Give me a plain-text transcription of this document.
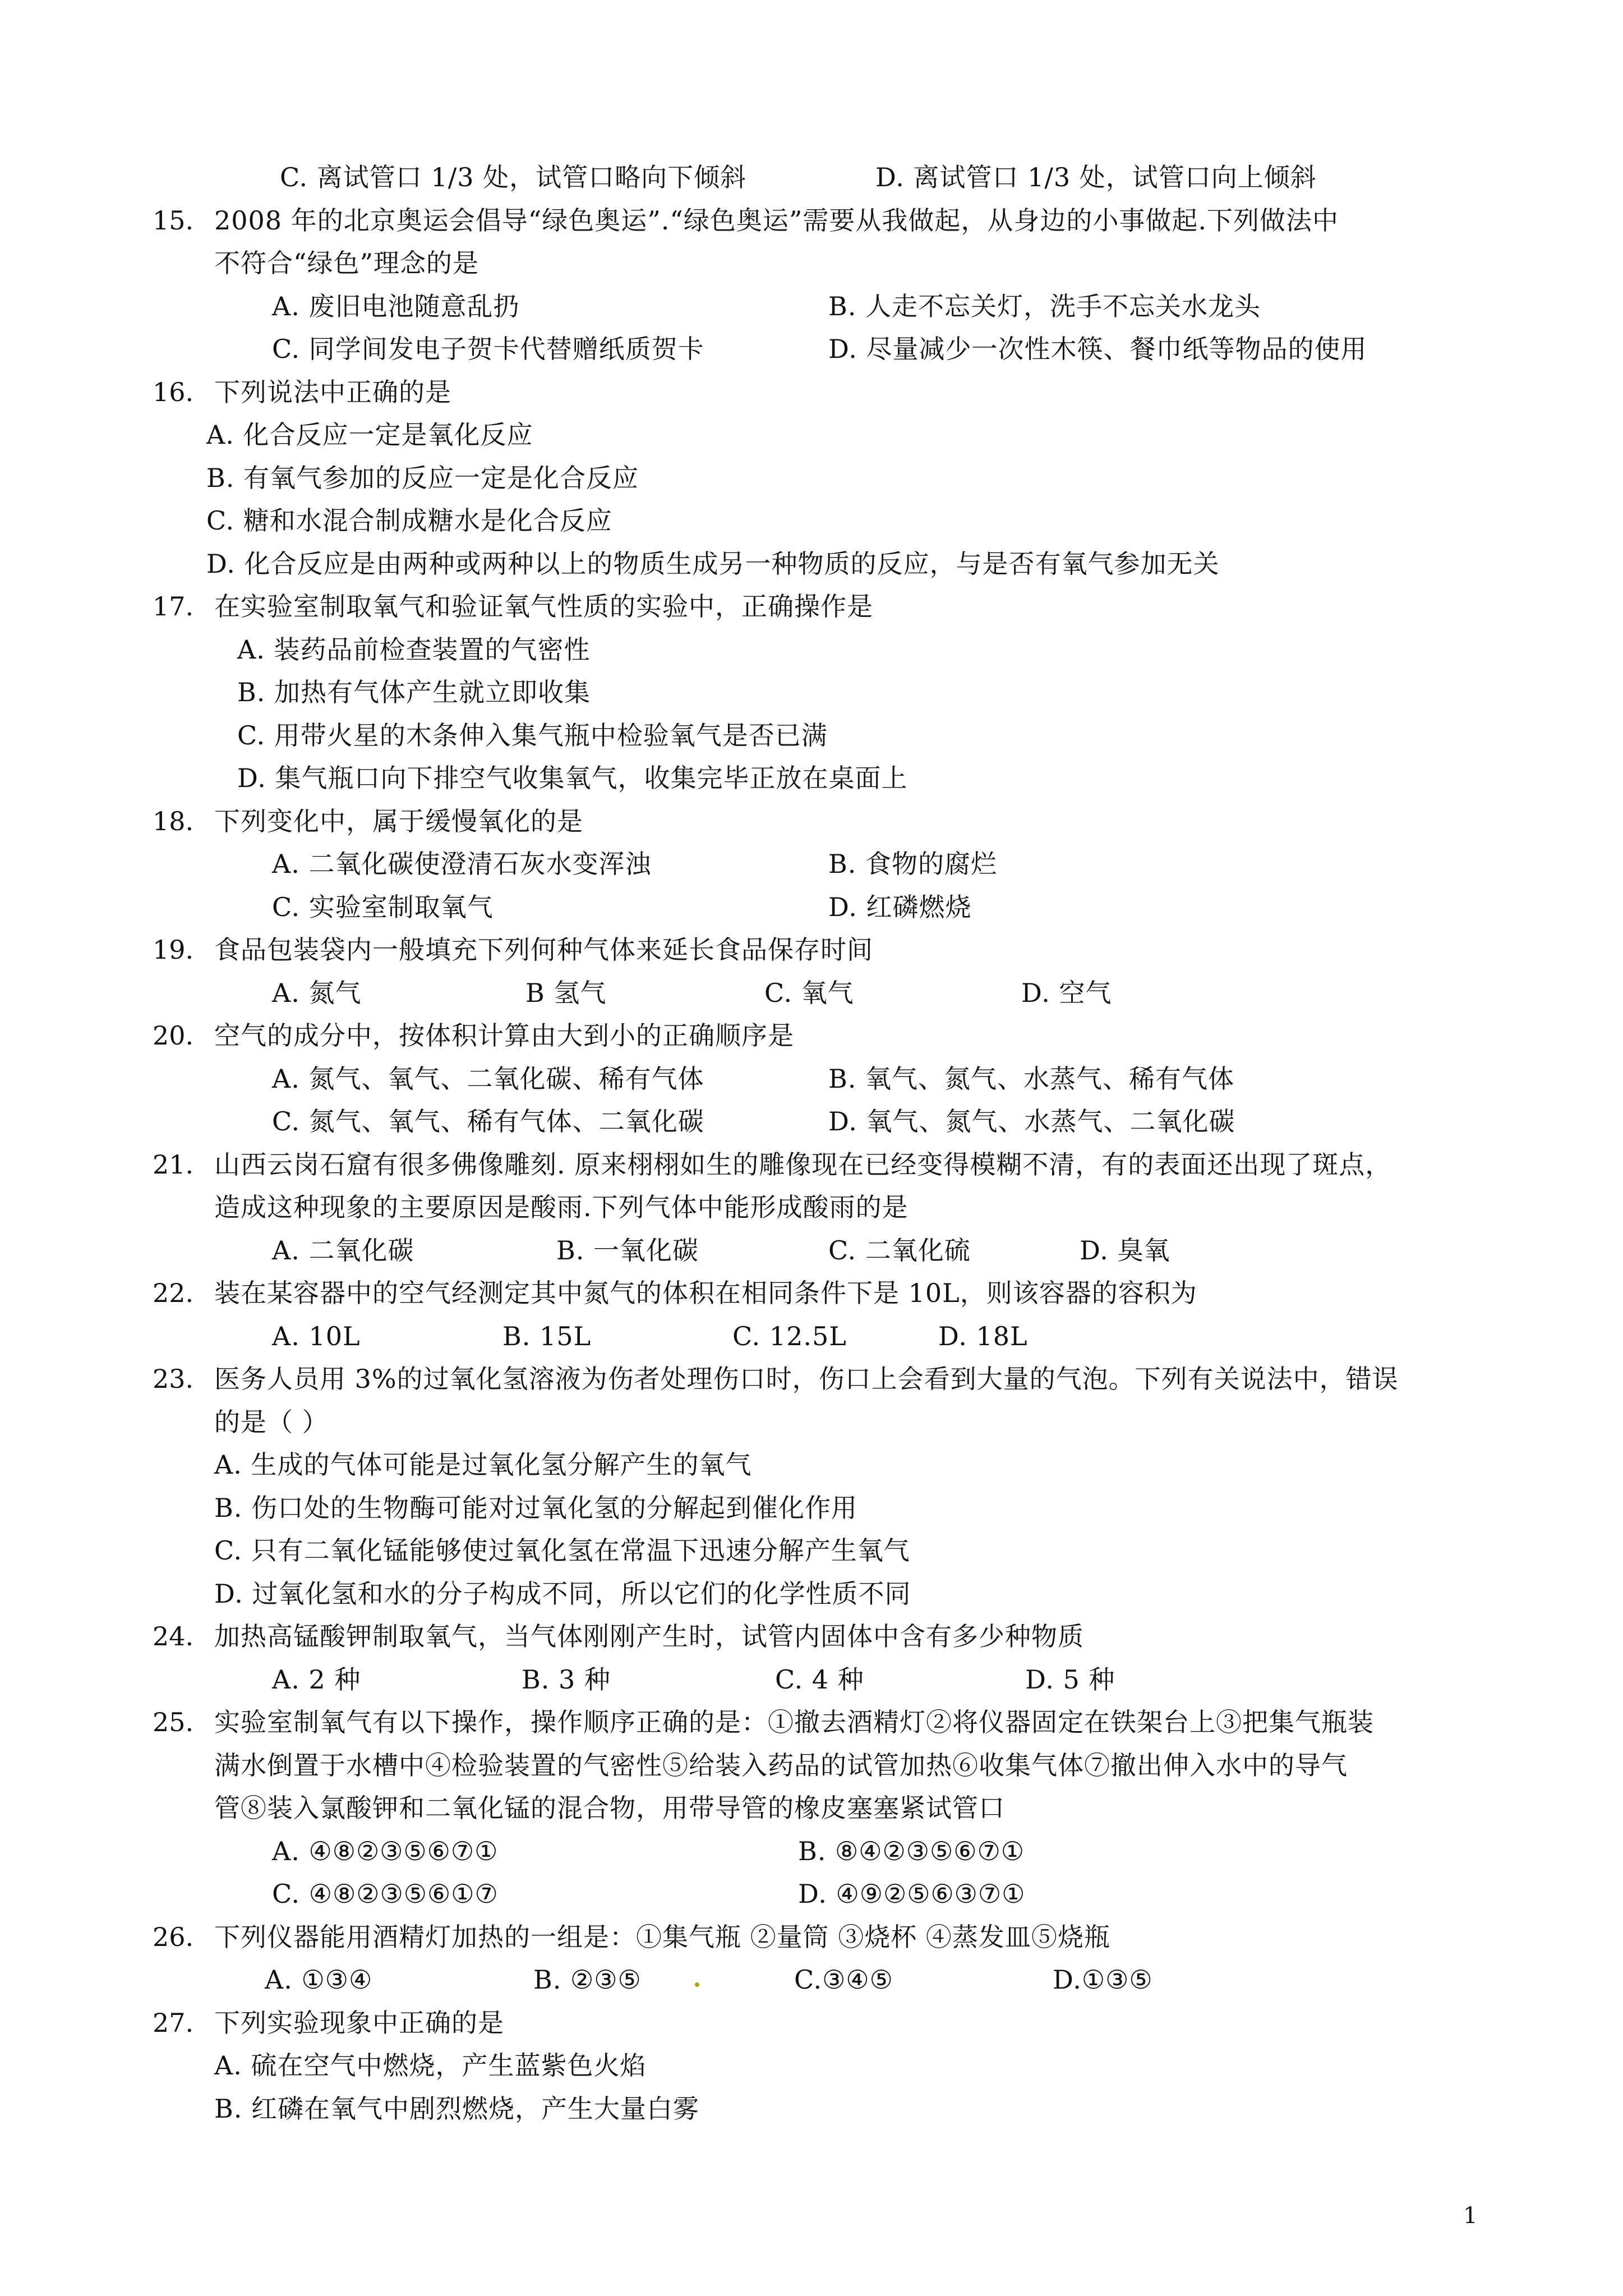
C. 离试管口 1/3 处，试管口略向下倾斜	D. 离试管口 1/3 处，试管口向上倾斜
15. 2008 年的北京奥运会倡导“绿色奥运”.“绿色奥运”需要从我做起，从身边的小事做起.下列做法中
不符合“绿色”理念的是
A. 废旧电池随意乱扔	B. 人走不忘关灯，洗手不忘关水龙头
C. 同学间发电子贺卡代替赠纸质贺卡	D. 尽量减少一次性木筷、餐巾纸等物品的使用
16. 下列说法中正确的是
A. 化合反应一定是氧化反应
B. 有氧气参加的反应一定是化合反应
C. 糖和水混合制成糖水是化合反应
D. 化合反应是由两种或两种以上的物质生成另一种物质的反应，与是否有氧气参加无关
17. 在实验室制取氧气和验证氧气性质的实验中，正确操作是
A. 装药品前检查装置的气密性
B. 加热有气体产生就立即收集
C. 用带火星的木条伸入集气瓶中检验氧气是否已满
D. 集气瓶口向下排空气收集氧气，收集完毕正放在桌面上
18. 下列变化中，属于缓慢氧化的是
A. 二氧化碳使澄清石灰水变浑浊	B. 食物的腐烂
C. 实验室制取氧气	D. 红磷燃烧
19. 食品包装袋内一般填充下列何种气体来延长食品保存时间
A. 氮气	B 氢气	C. 氧气	D. 空气
20. 空气的成分中，按体积计算由大到小的正确顺序是
A. 氮气、氧气、二氧化碳、稀有气体	B. 氧气、氮气、水蒸气、稀有气体
C. 氮气、氧气、稀有气体、二氧化碳	D. 氧气、氮气、水蒸气、二氧化碳
21. 山西云岗石窟有很多佛像雕刻. 原来栩栩如生的雕像现在已经变得模糊不清，有的表面还出现了斑点，
造成这种现象的主要原因是酸雨.下列气体中能形成酸雨的是
A. 二氧化碳	B. 一氧化碳	C. 二氧化硫	D. 臭氧
22. 装在某容器中的空气经测定其中氮气的体积在相同条件下是 10L，则该容器的容积为
A. 10L	B. 15L	C. 12.5L	D. 18L
23. 医务人员用 3%的过氧化氢溶液为伤者处理伤口时，伤口上会看到大量的气泡。下列有关说法中，错误
的是（ ）
A. 生成的气体可能是过氧化氢分解产生的氧气
B. 伤口处的生物酶可能对过氧化氢的分解起到催化作用
C. 只有二氧化锰能够使过氧化氢在常温下迅速分解产生氧气
D. 过氧化氢和水的分子构成不同，所以它们的化学性质不同
24. 加热高锰酸钾制取氧气，当气体刚刚产生时，试管内固体中含有多少种物质
A. 2 种	B. 3 种	C. 4 种	D. 5 种
25. 实验室制氧气有以下操作，操作顺序正确的是：①撤去酒精灯②将仪器固定在铁架台上③把集气瓶装
满水倒置于水槽中④检验装置的气密性⑤给装入药品的试管加热⑥收集气体⑦撤出伸入水中的导气
管⑧装入氯酸钾和二氧化锰的混合物，用带导管的橡皮塞塞紧试管口
A. ④⑧②③⑤⑥⑦①	B. ⑧④②③⑤⑥⑦①
C. ④⑧②③⑤⑥①⑦	D. ④⑨②⑤⑥③⑦①
26. 下列仪器能用酒精灯加热的一组是：①集气瓶 ②量筒 ③烧杯 ④蒸发皿⑤烧瓶
A. ①③④	B. ②③⑤	C.③④⑤	D.①③⑤
27. 下列实验现象中正确的是
A. 硫在空气中燃烧，产生蓝紫色火焰
B. 红磷在氧气中剧烈燃烧，产生大量白雾
1
